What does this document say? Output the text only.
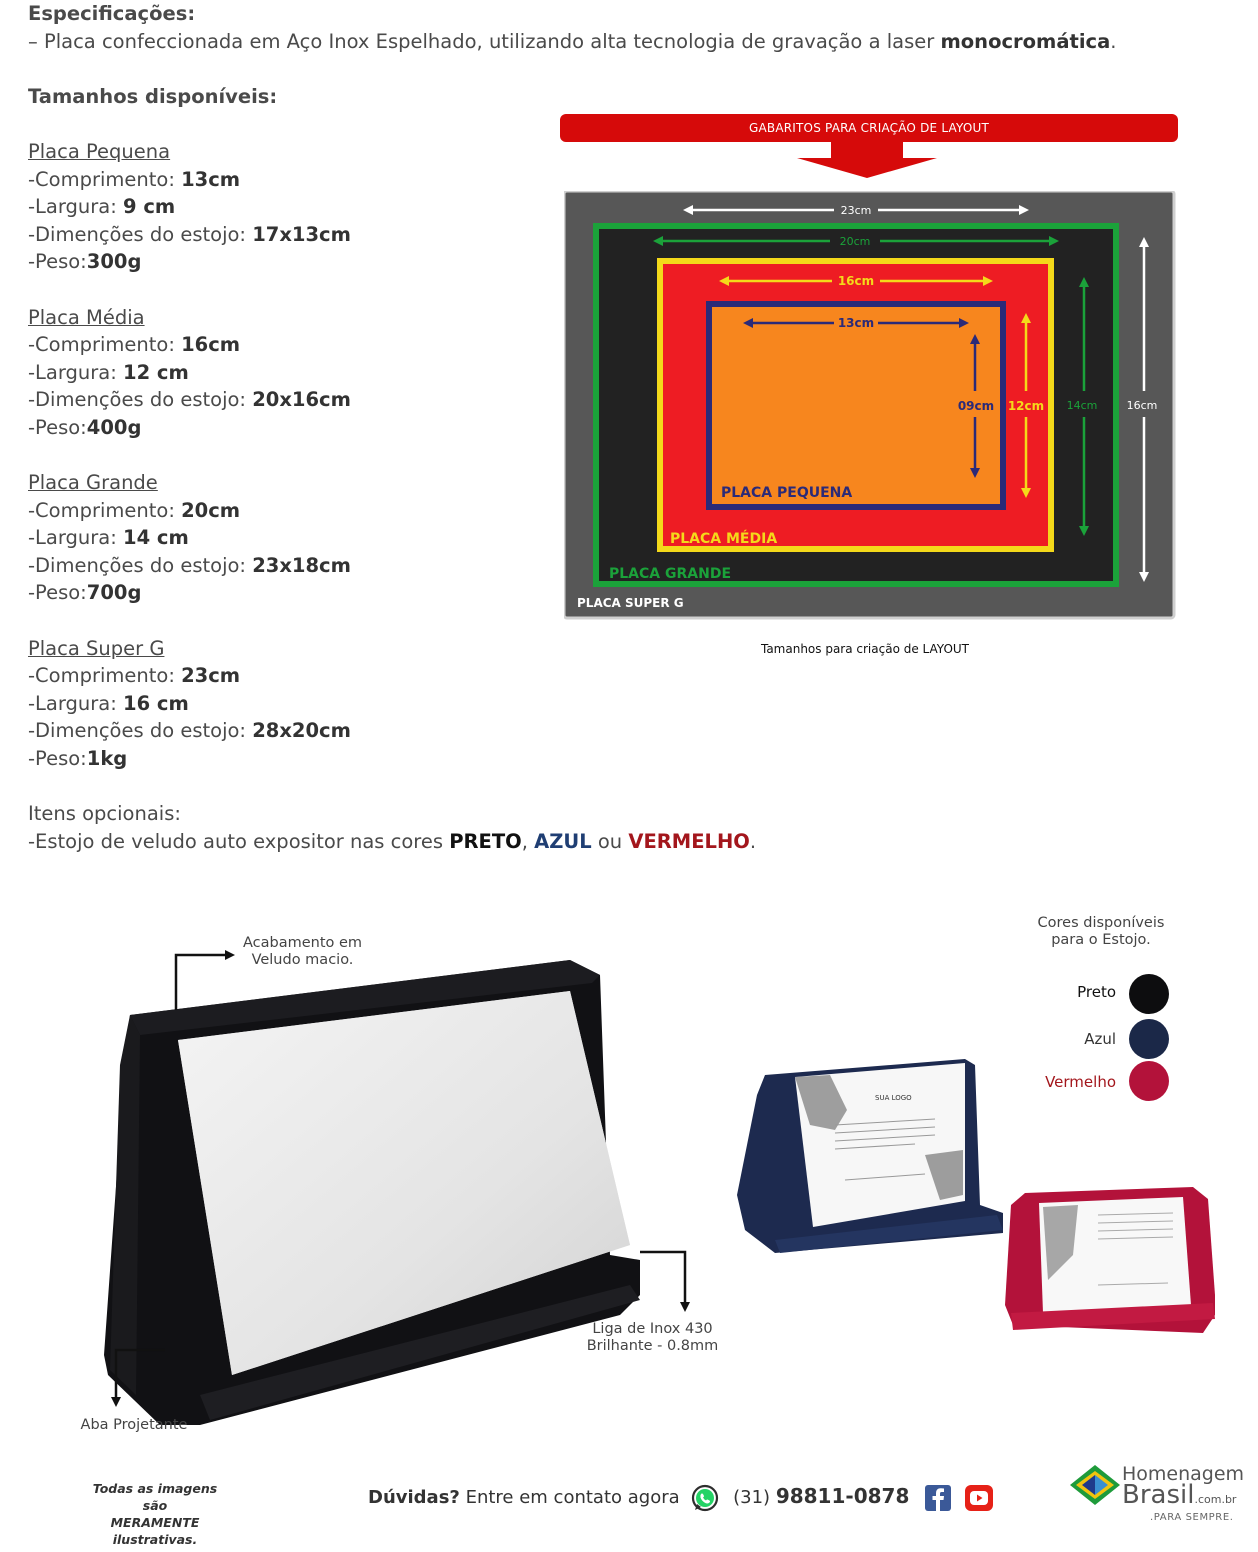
Especificações:
– Placa confeccionada em Aço Inox Espelhado, utilizando alta tecnologia de gravação a laser monocromática.
Tamanhos disponíveis:
Placa Pequena
-Comprimento: 13cm
-Largura: 9 cm
-Dimenções do estojo: 17x13cm
-Peso:300g
Placa Média
-Comprimento: 16cm
-Largura: 12 cm
-Dimenções do estojo: 20x16cm
-Peso:400g
Placa Grande
-Comprimento: 20cm
-Largura: 14 cm
-Dimenções do estojo: 23x18cm
-Peso:700g
Placa Super G
-Comprimento: 23cm
-Largura: 16 cm
-Dimenções do estojo: 28x20cm
-Peso:1kg
Itens opcionais:
-Estojo de veludo auto expositor nas cores PRETO, AZUL ou VERMELHO.
GABARITOS PARA CRIAÇÃO DE LAYOUT
23cm
20cm
16cm
13cm
09cm 12cm 14cm	16cm
PLACA PEQUENA
PLACA MÉDIA
PLACA GRANDE
PLACA SUPER G
Tamanhos para criação de LAYOUT
Acabamento em
Veludo macio.
Liga de Inox 430
Brilhante - 0.8mm
Aba Projetante
SUA LOGO
Cores disponíveis
para o Estojo.
Preto
Azul
Vermelho
Todas as imagens são
MERAMENTE ilustrativas.
Dúvidas? Entre em contato agora	(31) 98811-0878
Homenagem
Brasil.com.br
.PARA SEMPRE.
